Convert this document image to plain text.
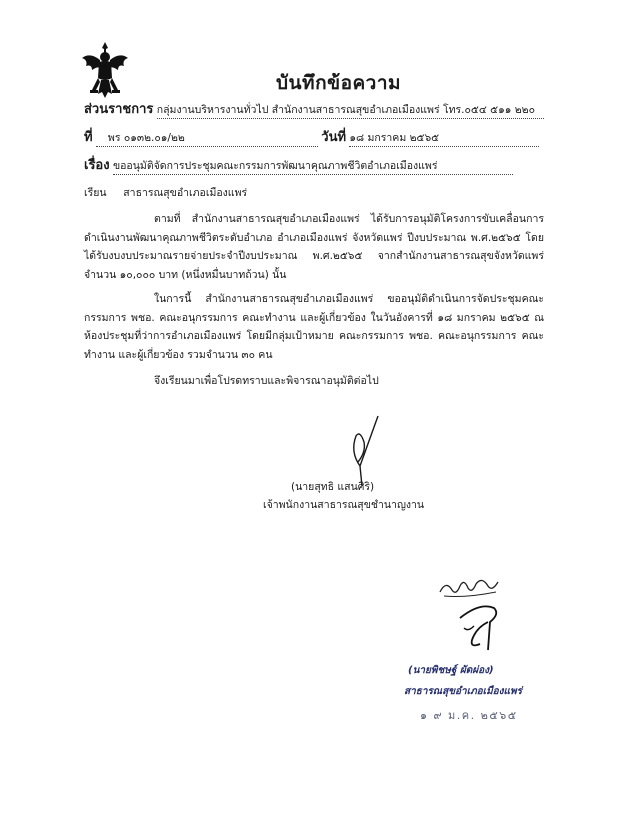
บันทึกข้อความ
ส่วนราชการ กลุ่มงานบริหารงานทั่วไป สำนักงานสาธารณสุขอำเภอเมืองแพร่ โทร.๐๕๔ ๕๑๑ ๒๒๐
ที่ พร ๐๑๓๒.๐๑/๒๒	วันที่ ๑๘ มกราคม ๒๕๖๕
เรื่อง ขออนุมัติจัดการประชุมคณะกรรมการพัฒนาคุณภาพชีวิตอำเภอเมืองแพร่
เรียน สาธารณสุขอำเภอเมืองแพร่

ตามที่ สำนักงานสาธารณสุขอำเภอเมืองแพร่ ได้รับการอนุมัติโครงการขับเคลื่อนการดำเนินงานพัฒนาคุณภาพชีวิตระดับอำเภอ อำเภอเมืองแพร่ จังหวัดแพร่ ปีงบประมาณ พ.ศ.๒๕๖๕ โดยได้รับงบงบประมาณรายจ่ายประจำปีงบประมาณ พ.ศ.๒๕๖๕ จากสำนักงานสาธารณสุขจังหวัดแพร่ จำนวน ๑๐,๐๐๐ บาท (หนึ่งหมื่นบาทถ้วน) นั้น

ในการนี้ สำนักงานสาธารณสุขอำเภอเมืองแพร่ ขออนุมัติดำเนินการจัดประชุมคณะกรรมการ พชอ. คณะอนุกรรมการ คณะทำงาน และผู้เกี่ยวข้อง ในวันอังคารที่ ๑๘ มกราคม ๒๕๖๕ ณ ห้องประชุมที่ว่าการอำเภอเมืองแพร่ โดยมีกลุ่มเป้าหมาย คณะกรรมการ พชอ. คณะอนุกรรมการ คณะทำงาน และผู้เกี่ยวข้อง รวมจำนวน ๓๐ คน

จึงเรียนมาเพื่อโปรดทราบและพิจารณาอนุมัติต่อไป

(นายสุทธิ แสนศิริ)
เจ้าพนักงานสาธารณสุขชำนาญงาน
(นายพิชษฐ์ ผัดผ่อง)
สาธารณสุขอำเภอเมืองแพร่
๑ ๙ ม.ค. ๒๕๖๕
